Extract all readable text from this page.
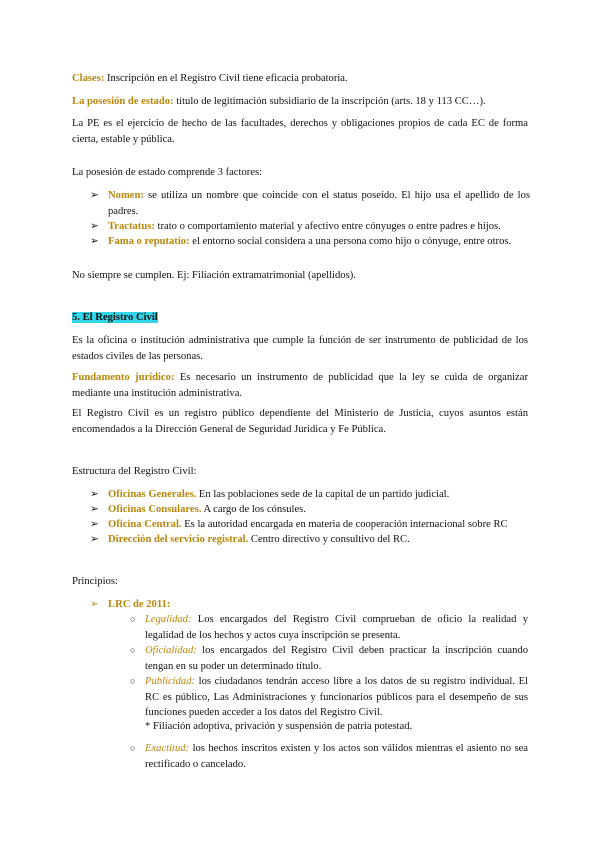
Clases: Inscripción en el Registro Civil tiene eficacia probatoria.

La posesión de estado: título de legitimación subsidiario de la inscripción (arts. 18 y 113 CC…).

La PE es el ejercicio de hecho de las facultades, derechos y obligaciones propios de cada EC de forma cierta, estable y pública.

La posesión de estado comprende 3 factores:

➢ Nomen: se utiliza un nombre que coincide con el status poseído. El hijo usa el apellido de los padres.
➢ Tractatus: trato o comportamiento material y afectivo entre cónyuges o entre padres e hijos.
➢ Fama o reputatio: el entorno social considera a una persona como hijo o cónyuge, entre otros.

No siempre se cumplen. Ej: Filiación extramatrimonial (apellidos).

5. El Registro Civil

Es la oficina o institución administrativa que cumple la función de ser instrumento de publicidad de los estados civiles de las personas.

Fundamento jurídico: Es necesario un instrumento de publicidad que la ley se cuida de organizar mediante una institución administrativa.

El Registro Civil es un registro público dependiente del Ministerio de Justicia, cuyos asuntos están encomendados a la Dirección General de Seguridad Jurídica y Fe Pública.

Estructura del Registro Civil:

➢ Oficinas Generales. En las poblaciones sede de la capital de un partido judicial.
➢ Oficinas Consulares. A cargo de los cónsules.
➢ Oficina Central. Es la autoridad encargada en materia de cooperación internacional sobre RC
➢ Dirección del servicio registral. Centro directivo y consultivo del RC.

Principios:

➢ LRC de 2011:
○ Legalidad: Los encargados del Registro Civil comprueban de oficio la realidad y legalidad de los hechos y actos cuya inscripción se presenta.
○ Oficialidad: los encargados del Registro Civil deben practicar la inscripción cuando tengan en su poder un determinado título.
○ Publicidad: los ciudadanos tendrán acceso libre a los datos de su registro individual. El RC es público, Las Administraciones y funcionarios públicos para el desempeño de sus funciones pueden acceder a los datos del Registro Civil.

* Filiación adoptiva, privación y suspensión de patria potestad.

○ Exactitud: los hechos inscritos existen y los actos son válidos mientras el asiento no sea rectificado o cancelado.
